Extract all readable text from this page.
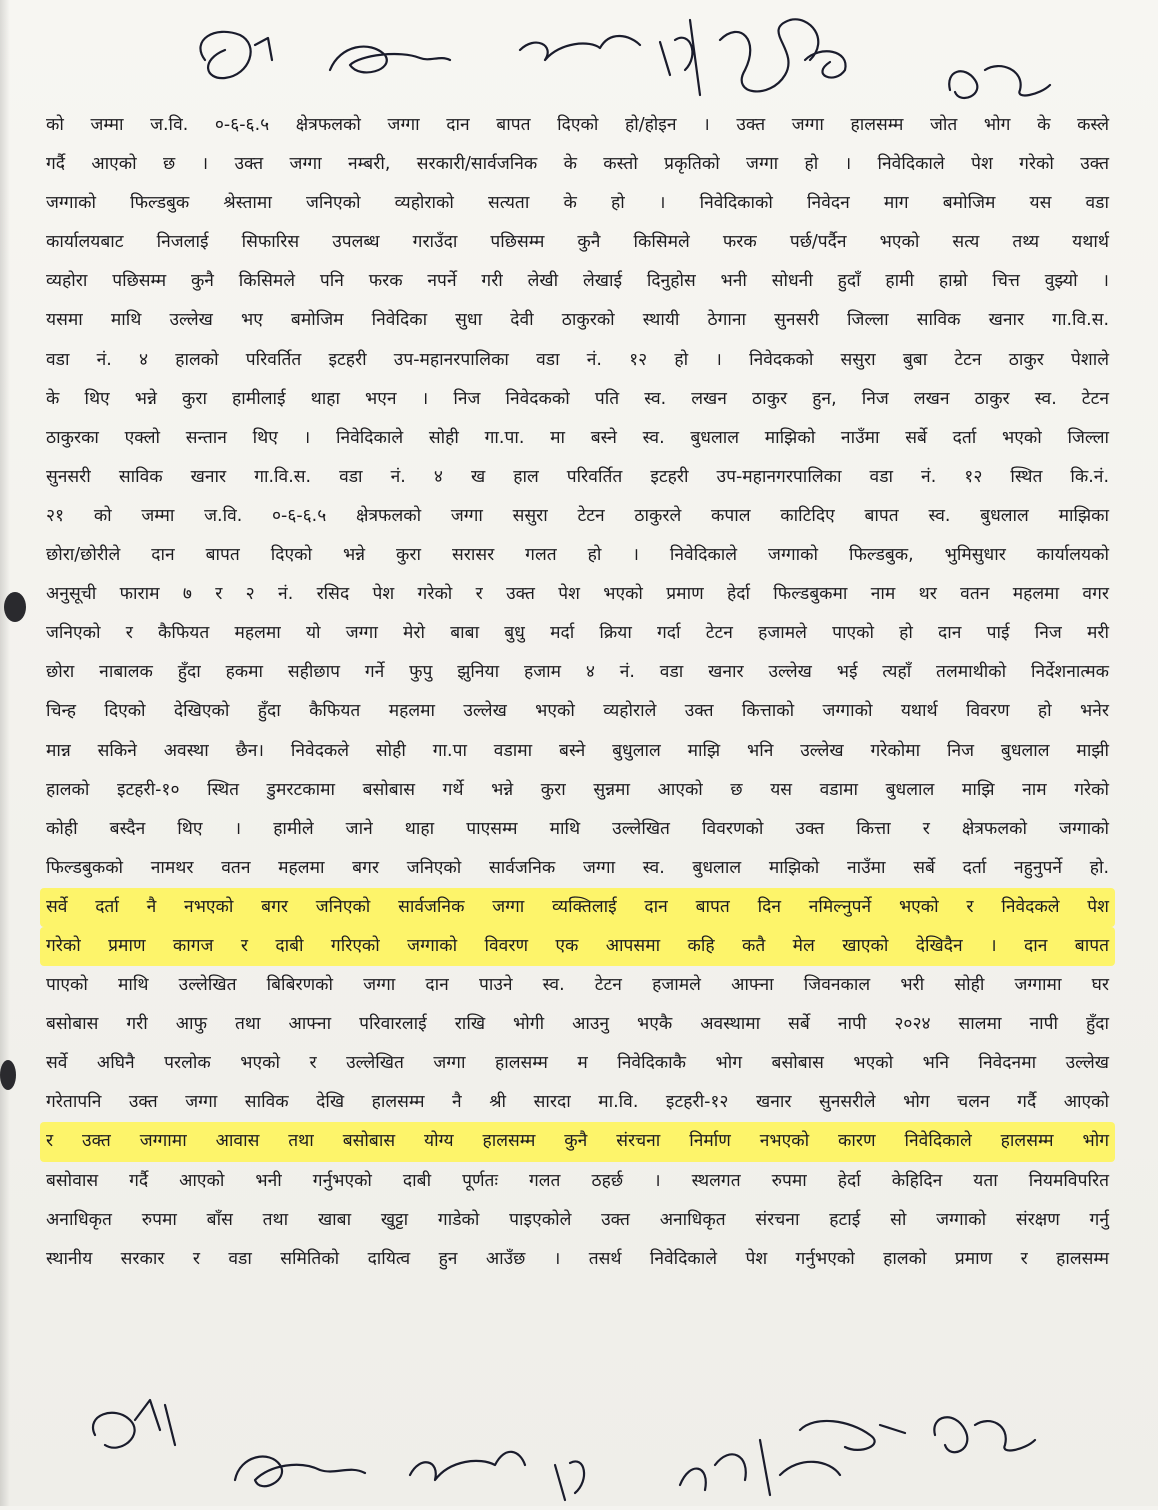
को जम्मा ज.वि. ०-६-६.५ क्षेत्रफलको जग्गा दान बापत दिएको हो/होइन । उक्त जग्गा हालसम्म जोत भोग के कस्ले
गर्दै आएको छ । उक्त जग्गा नम्बरी, सरकारी/सार्वजनिक के कस्तो प्रकृतिको जग्गा हो । निवेदिकाले पेश गरेको उक्त
जग्गाको फिल्डबुक श्रेस्तामा जनिएको व्यहोराको सत्यता के हो । निवेदिकाको निवेदन माग बमोजिम यस वडा
कार्यालयबाट निजलाई सिफारिस उपलब्ध गराउँदा पछिसम्म कुनै किसिमले फरक पर्छ/पर्दैन भएको सत्य तथ्य यथार्थ
व्यहोरा पछिसम्म कुनै किसिमले पनि फरक नपर्ने गरी लेखी लेखाई दिनुहोस भनी सोधनी हुदाँ हामी हाम्रो चित्त वुझ्यो ।
यसमा माथि उल्लेख भए बमोजिम निवेदिका सुधा देवी ठाकुरको स्थायी ठेगाना सुनसरी जिल्ला साविक खनार गा.वि.स.
वडा नं. ४ हालको परिवर्तित इटहरी उप-महानरपालिका वडा नं. १२ हो । निवेदकको ससुरा बुबा टेटन ठाकुर पेशाले
के थिए भन्ने कुरा हामीलाई थाहा भएन । निज निवेदकको पति स्व. लखन ठाकुर हुन, निज लखन ठाकुर स्व. टेटन
ठाकुरका एक्लो सन्तान थिए । निवेदिकाले सोही गा.पा. मा बस्ने स्व. बुधलाल माझिको नाउँमा सर्बे दर्ता भएको जिल्ला
सुनसरी साविक खनार गा.वि.स. वडा नं. ४ ख हाल परिवर्तित इटहरी उप-महानगरपालिका वडा नं. १२ स्थित कि.नं.
२१ को जम्मा ज.वि. ०-६-६.५ क्षेत्रफलको जग्गा ससुरा टेटन ठाकुरले कपाल काटिदिए बापत स्व. बुधलाल माझिका
छोरा/छोरीले दान बापत दिएको भन्ने कुरा सरासर गलत हो । निवेदिकाले जग्गाको फिल्डबुक, भुमिसुधार कार्यालयको
अनुसूची फाराम ७ र २ नं. रसिद पेश गरेको र उक्त पेश भएको प्रमाण हेर्दा फिल्डबुकमा नाम थर वतन महलमा वगर
जनिएको र कैफियत महलमा यो जग्गा मेरो बाबा बुधु मर्दा क्रिया गर्दा टेटन हजामले पाएको हो दान पाई निज मरी
छोरा नाबालक हुँदा हकमा सहीछाप गर्ने फुपु झुनिया हजाम ४ नं. वडा खनार उल्लेख भई त्यहाँ तलमाथीको निर्देशनात्मक
चिन्ह दिएको देखिएको हुँदा कैफियत महलमा उल्लेख भएको व्यहोराले उक्त कित्ताको जग्गाको यथार्थ विवरण हो भनेर
मान्न सकिने अवस्था छैन। निवेदकले सोही गा.पा वडामा बस्ने बुधुलाल माझि भनि उल्लेख गरेकोमा निज बुधलाल माझी
हालको इटहरी-१० स्थित डुमरटकामा बसोबास गर्थे भन्ने कुरा सुन्नमा आएको छ यस वडामा बुधलाल माझि नाम गरेको
कोही बस्दैन थिए । हामीले जाने थाहा पाएसम्म माथि उल्लेखित विवरणको उक्त कित्ता र क्षेत्रफलको जग्गाको
फिल्डबुकको नामथर वतन महलमा बगर जनिएको सार्वजनिक जग्गा स्व. बुधलाल माझिको नाउँमा सर्बे दर्ता नहुनुपर्ने हो.
सर्वे दर्ता नै नभएको बगर जनिएको सार्वजनिक जग्गा व्यक्तिलाई दान बापत दिन नमिल्नुपर्ने भएको र निवेदकले पेश
गरेको प्रमाण कागज र दाबी गरिएको जग्गाको विवरण एक आपसमा कहि कतै मेल खाएको देखिदैन । दान बापत
पाएको माथि उल्लेखित बिबिरणको जग्गा दान पाउने स्व. टेटन हजामले आफ्ना जिवनकाल भरी सोही जग्गामा घर
बसोबास गरी आफु तथा आफ्ना परिवारलाई राखि भोगी आउनु भएकै अवस्थामा सर्बे नापी २०२४ सालमा नापी हुँदा
सर्वे अघिनै परलोक भएको र उल्लेखित जग्गा हालसम्म म निवेदिकाकै भोग बसोबास भएको भनि निवेदनमा उल्लेख
गरेतापनि उक्त जग्गा साविक देखि हालसम्म नै श्री सारदा मा.वि. इटहरी-१२ खनार सुनसरीले भोग चलन गर्दै आएको
र उक्त जग्गामा आवास तथा बसोबास योग्य हालसम्म कुनै संरचना निर्माण नभएको कारण निवेदिकाले हालसम्म भोग
बसोवास गर्दै आएको भनी गर्नुभएको दाबी पूर्णतः गलत ठहर्छ । स्थलगत रुपमा हेर्दा केहिदिन यता नियमविपरित
अनाधिकृत रुपमा बाँस तथा खाबा खुट्टा गाडेको पाइएकोले उक्त अनाधिकृत संरचना हटाई सो जग्गाको संरक्षण गर्नु
स्थानीय सरकार र वडा समितिको दायित्व हुन आउँछ । तसर्थ निवेदिकाले पेश गर्नुभएको हालको प्रमाण र हालसम्म
